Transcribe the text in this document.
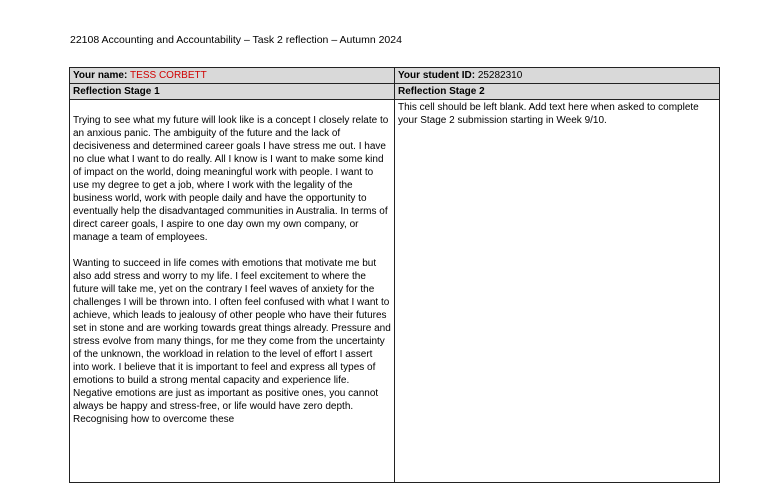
22108 Accounting and Accountability – Task 2 reflection – Autumn 2024
Your name: TESS CORBETT	Your student ID: 25282310
Reflection Stage 1	Reflection Stage 2

Trying to see what my future will look like is a concept I closely relate to an anxious panic. The ambiguity of the future and the lack of decisiveness and determined career goals I have stress me out. I have no clue what I want to do really. All I know is I want to make some kind of impact on the world, doing meaningful work with people. I want to use my degree to get a job, where I work with the legality of the business world, work with people daily and have the opportunity to eventually help the disadvantaged communities in Australia. In terms of direct career goals, I aspire to one day own my own company, or manage a team of employees.

Wanting to succeed in life comes with emotions that motivate me but also add stress and worry to my life. I feel excitement to where the future will take me, yet on the contrary I feel waves of anxiety for the challenges I will be thrown into. I often feel confused with what I want to achieve, which leads to jealousy of other people who have their futures set in stone and are working towards great things already. Pressure and stress evolve from many things, for me they come from the uncertainty of the unknown, the workload in relation to the level of effort I assert into work. I believe that it is important to feel and express all types of emotions to build a strong mental capacity and experience life. Negative emotions are just as important as positive ones, you cannot always be happy and stress-free, or life would have zero depth. Recognising how to overcome these	This cell should be left blank. Add text here when asked to complete your Stage 2 submission starting in Week 9/10.
